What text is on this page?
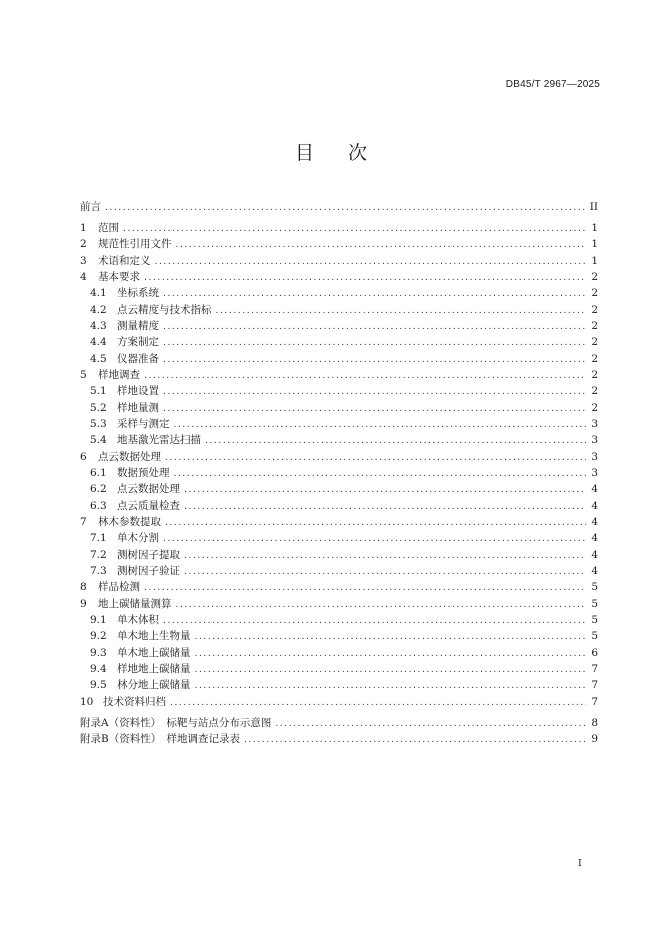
DB45/T 2967—2025
目 次
前言 .....	II
1	范围 .....	1
2	规范性引用文件 .....	1
3	术语和定义 .....	1
4	基本要求 .....	2
4.1 坐标系统 .....	2
4.2 点云精度与技术指标 .....	2
4.3 测量精度 .....	2
4.4 方案制定 .....	2
4.5 仪器准备 .....	2
5	样地调查 .....	2
5.1 样地设置 .....	2
5.2 样地量测 .....	2
5.3 采样与测定 .....	3
5.4 地基激光雷达扫描 .....	3
6	点云数据处理 .....	3
6.1 数据预处理 .....	3
6.2 点云数据处理 .....	4
6.3 点云质量检查 .....	4
7	林木参数提取 .....	4
7.1 单木分割 .....	4
7.2 测树因子提取 .....	4
7.3 测树因子验证 .....	4
8	样品检测 .....	5
9	地上碳储量测算 .....	5
9.1 单木体积 .....	5
9.2 单木地上生物量 .....	5
9.3 单木地上碳储量 .....	6
9.4 样地地上碳储量 .....	7
9.5 林分地上碳储量 .....	7
10 技术资料归档 .....	7
附录A（资料性）　标靶与站点分布示意图 .....	8
附录B（资料性）　样地调查记录表 .....	9
I
